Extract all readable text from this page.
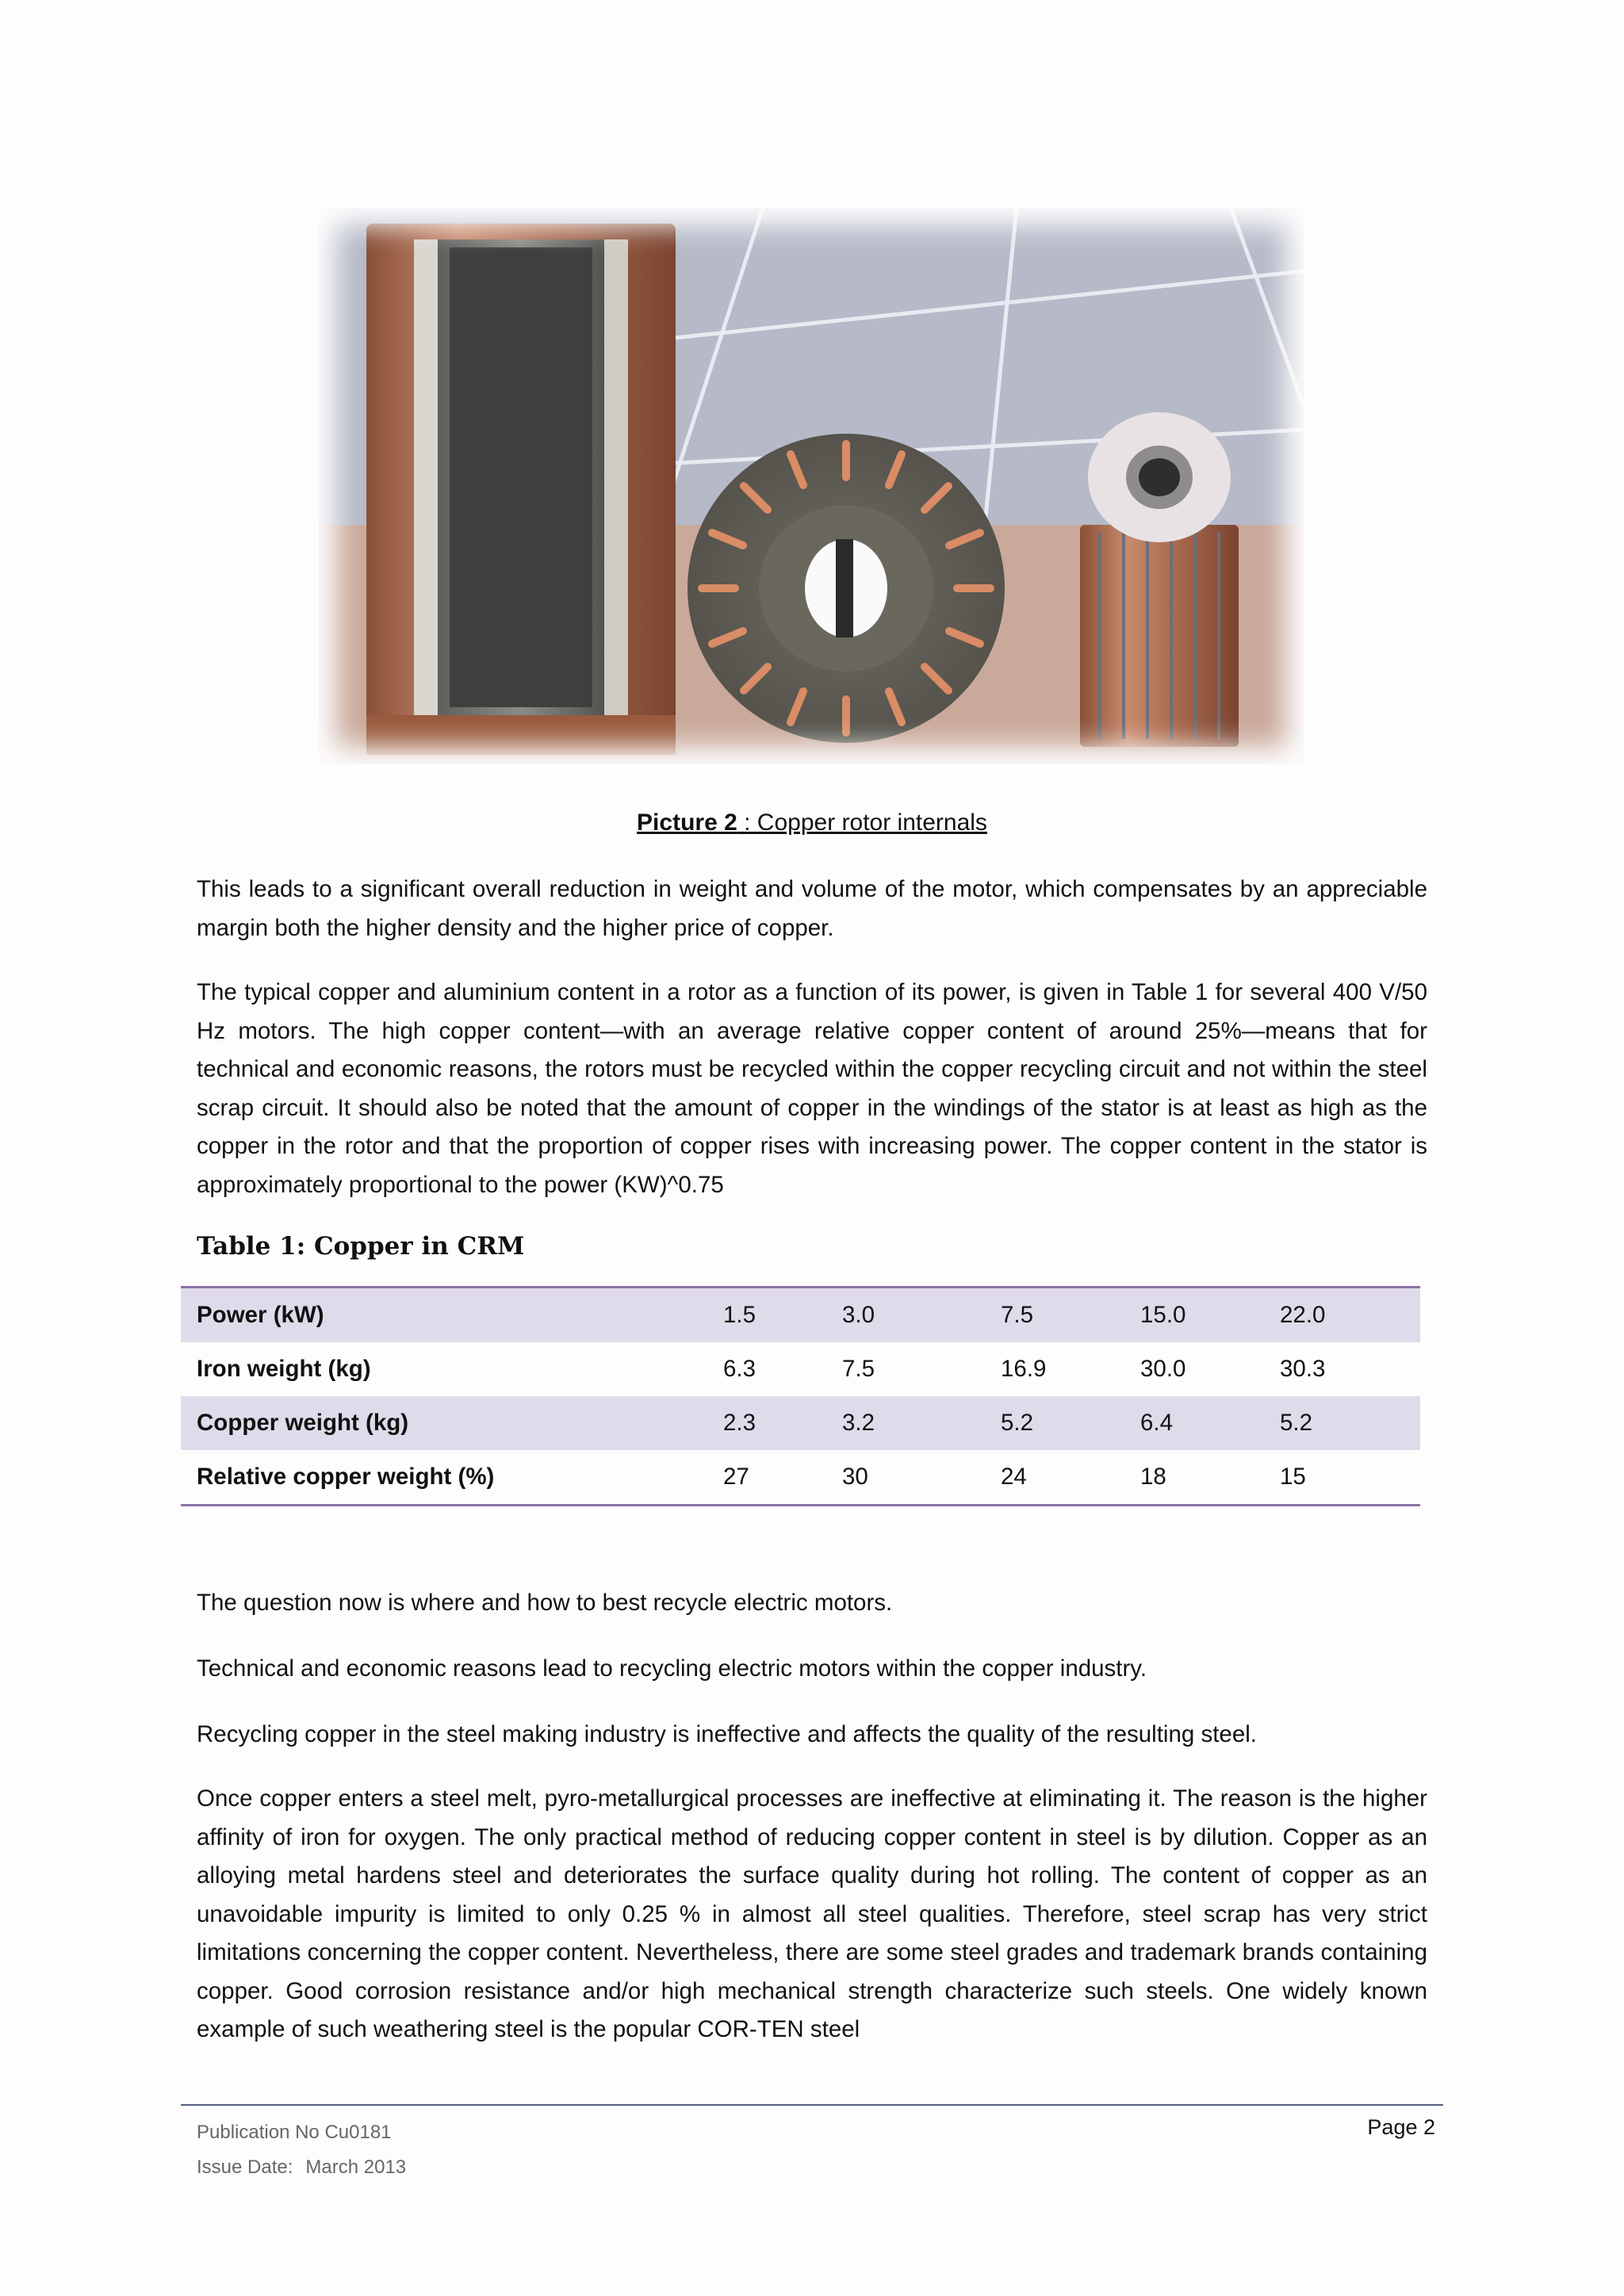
Picture 2 : Copper rotor internals

This leads to a significant overall reduction in weight and volume of the motor, which compensates by an appreciable margin both the higher density and the higher price of copper.

The typical copper and aluminium content in a rotor as a function of its power, is given in Table 1 for several 400 V/50 Hz motors. The high copper content—with an average relative copper content of around 25%—means that for technical and economic reasons, the rotors must be recycled within the copper recycling circuit and not within the steel scrap circuit. It should also be noted that the amount of copper in the windings of the stator is at least as high as the copper in the rotor and that the proportion of copper rises with increasing power. The copper content in the stator is approximately proportional to the power (KW)^0.75

Table 1: Copper in CRM
Power (kW)	1.5	3.0	7.5	15.0	22.0
Iron weight (kg)	6.3	7.5	16.9	30.0	30.3
Copper weight (kg)	2.3	3.2	5.2	6.4	5.2
Relative copper weight (%)	27	30	24	18	15

The question now is where and how to best recycle electric motors.

Technical and economic reasons lead to recycling electric motors within the copper industry.

Recycling copper in the steel making industry is ineffective and affects the quality of the resulting steel.

Once copper enters a steel melt, pyro-metallurgical processes are ineffective at eliminating it. The reason is the higher affinity of iron for oxygen. The only practical method of reducing copper content in steel is by dilution. Copper as an alloying metal hardens steel and deteriorates the surface quality during hot rolling. The content of copper as an unavoidable impurity is limited to only 0.25 % in almost all steel qualities. Therefore, steel scrap has very strict limitations concerning the copper content. Nevertheless, there are some steel grades and trademark brands containing copper. Good corrosion resistance and/or high mechanical strength characterize such steels. One widely known example of such weathering steel is the popular COR-TEN steel

Publication No Cu0181
Issue Date: March 2013
Page 2
